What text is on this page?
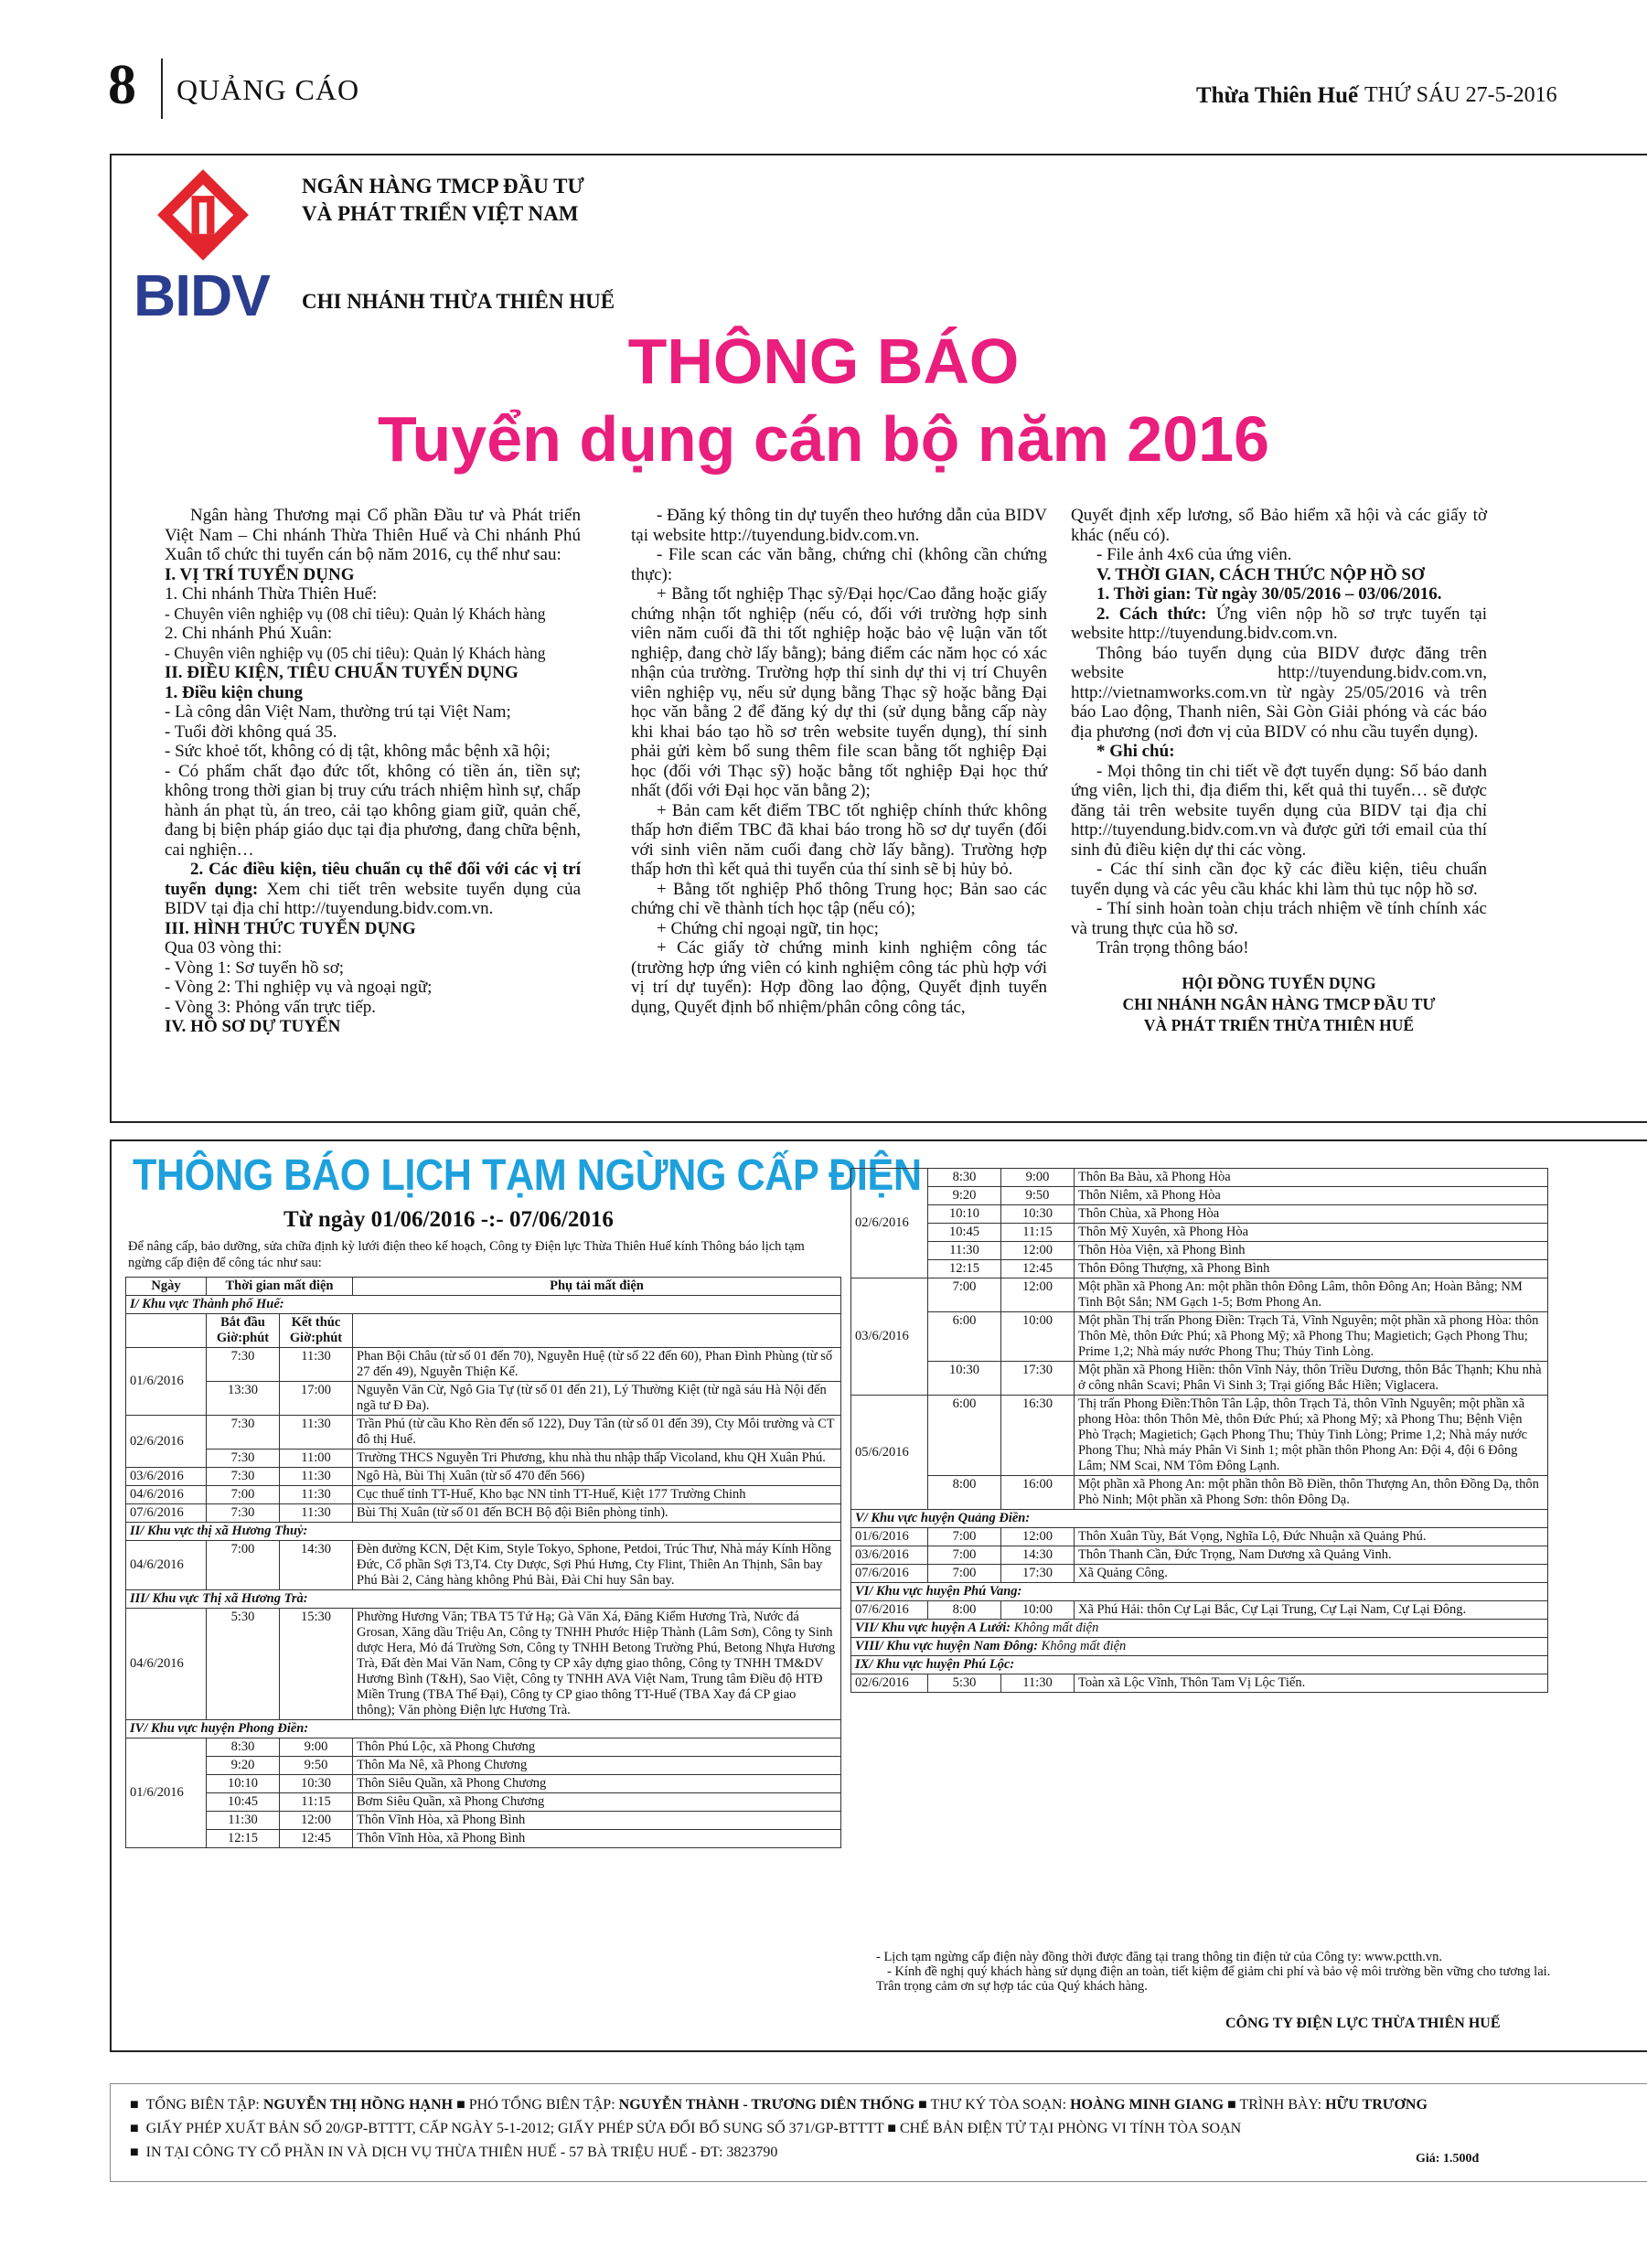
8 QUẢNG CÁO	Thừa Thiên Huế THỨ SÁU 27-5-2016
BIDV
NGÂN HÀNG TMCP ĐẦU TƯ
VÀ PHÁT TRIỂN VIỆT NAM
CHI NHÁNH THỪA THIÊN HUẾ
THÔNG BÁO
Tuyển dụng cán bộ năm 2016

Ngân hàng Thương mại Cổ phần Đầu tư và Phát triển Việt Nam – Chi nhánh Thừa Thiên Huế và Chi nhánh Phú Xuân tổ chức thi tuyển cán bộ năm 2016, cụ thể như sau:

I. VỊ TRÍ TUYỂN DỤNG

1. Chi nhánh Thừa Thiên Huế:

- Chuyên viên nghiệp vụ (08 chỉ tiêu): Quản lý Khách hàng

2. Chi nhánh Phú Xuân:

- Chuyên viên nghiệp vụ (05 chỉ tiêu): Quản lý Khách hàng

II. ĐIỀU KIỆN, TIÊU CHUẨN TUYỂN DỤNG

1. Điều kiện chung

- Là công dân Việt Nam, thường trú tại Việt Nam;

- Tuổi đời không quá 35.

- Sức khoẻ tốt, không có dị tật, không mắc bệnh xã hội;

- Có phẩm chất đạo đức tốt, không có tiền án, tiền sự; không trong thời gian bị truy cứu trách nhiệm hình sự, chấp hành án phạt tù, án treo, cải tạo không giam giữ, quản chế, đang bị biện pháp giáo dục tại địa phương, đang chữa bệnh, cai nghiện…

2. Các điều kiện, tiêu chuẩn cụ thể đối với các vị trí tuyển dụng: Xem chi tiết trên website tuyển dụng của BIDV tại địa chỉ http://tuyendung.bidv.com.vn.

III. HÌNH THỨC TUYỂN DỤNG

Qua 03 vòng thi:

- Vòng 1: Sơ tuyển hồ sơ;

- Vòng 2: Thi nghiệp vụ và ngoại ngữ;

- Vòng 3: Phỏng vấn trực tiếp.

IV. HỒ SƠ DỰ TUYỂN

- Đăng ký thông tin dự tuyển theo hướng dẫn của BIDV tại website http://tuyendung.bidv.com.vn.

- File scan các văn bằng, chứng chỉ (không cần chứng thực):

+ Bằng tốt nghiệp Thạc sỹ/Đại học/Cao đẳng hoặc giấy chứng nhận tốt nghiệp (nếu có, đối với trường hợp sinh viên năm cuối đã thi tốt nghiệp hoặc bảo vệ luận văn tốt nghiệp, đang chờ lấy bằng); bảng điểm các năm học có xác nhận của trường. Trường hợp thí sinh dự thi vị trí Chuyên viên nghiệp vụ, nếu sử dụng bằng Thạc sỹ hoặc bằng Đại học văn bằng 2 để đăng ký dự thi (sử dụng bằng cấp này khi khai báo tạo hồ sơ trên website tuyển dụng), thí sinh phải gửi kèm bổ sung thêm file scan bằng tốt nghiệp Đại học (đối với Thạc sỹ) hoặc bằng tốt nghiệp Đại học thứ nhất (đối với Đại học văn bằng 2);

+ Bản cam kết điểm TBC tốt nghiệp chính thức không thấp hơn điểm TBC đã khai báo trong hồ sơ dự tuyển (đối với sinh viên năm cuối đang chờ lấy bằng). Trường hợp thấp hơn thì kết quả thi tuyển của thí sinh sẽ bị hủy bỏ.

+ Bằng tốt nghiệp Phổ thông Trung học; Bản sao các chứng chỉ về thành tích học tập (nếu có);

+ Chứng chỉ ngoại ngữ, tin học;

+ Các giấy tờ chứng minh kinh nghiệm công tác (trường hợp ứng viên có kinh nghiệm công tác phù hợp với vị trí dự tuyển): Hợp đồng lao động, Quyết định tuyển dụng, Quyết định bổ nhiệm/phân công công tác,

Quyết định xếp lương, sổ Bảo hiểm xã hội và các giấy tờ khác (nếu có).

- File ảnh 4x6 của ứng viên.

V. THỜI GIAN, CÁCH THỨC NỘP HỒ SƠ

1. Thời gian: Từ ngày 30/05/2016 – 03/06/2016.

2. Cách thức: Ứng viên nộp hồ sơ trực tuyến tại website http://tuyendung.bidv.com.vn.

Thông báo tuyển dụng của BIDV được đăng trên website http://tuyendung.bidv.com.vn, http://vietnamworks.com.vn từ ngày 25/05/2016 và trên báo Lao động, Thanh niên, Sài Gòn Giải phóng và các báo địa phương (nơi đơn vị của BIDV có nhu cầu tuyển dụng).

* Ghi chú:

- Mọi thông tin chi tiết về đợt tuyển dụng: Số báo danh ứng viên, lịch thi, địa điểm thi, kết quả thi tuyển… sẽ được đăng tải trên website tuyển dụng của BIDV tại địa chỉ http://tuyendung.bidv.com.vn và được gửi tới email của thí sinh đủ điều kiện dự thi các vòng.

- Các thí sinh cần đọc kỹ các điều kiện, tiêu chuẩn tuyển dụng và các yêu cầu khác khi làm thủ tục nộp hồ sơ.

- Thí sinh hoàn toàn chịu trách nhiệm về tính chính xác và trung thực của hồ sơ.

Trân trọng thông báo!

HỘI ĐỒNG TUYỂN DỤNG
CHI NHÁNH NGÂN HÀNG TMCP ĐẦU TƯ
VÀ PHÁT TRIỂN THỪA THIÊN HUẾ
THÔNG BÁO LỊCH TẠM NGỪNG CẤP ĐIỆN
Từ ngày 01/06/2016 -:- 07/06/2016
Để nâng cấp, bảo dưỡng, sửa chữa định kỳ lưới điện theo kế hoạch, Công ty Điện lực Thừa Thiên Huế kính Thông báo lịch tạm ngừng cấp điện để công tác như sau:
Ngày	Thời gian mất điện		Phụ tải mất điện
I/ Khu vực Thành phố Huế:			
	Bắt đầu Giờ:phút	Kết thúc Giờ:phút	
01/6/2016	7:30	11:30	Phan Bội Châu (từ số 01 đến 70), Nguyễn Huệ (từ số 22 đến 60), Phan Đình Phùng (từ số 27 đến 49), Nguyễn Thiện Kế.
	13:30	17:00	Nguyễn Văn Cừ, Ngô Gia Tự (từ số 01 đến 21), Lý Thường Kiệt (từ ngã sáu Hà Nội đến ngã tư Đ Đa).
02/6/2016	7:30	11:30	Trần Phú (từ cầu Kho Rèn đến số 122), Duy Tân (từ số 01 đến 39), Cty Môi trường và CT đô thị Huế.
	7:30	11:00	Trường THCS Nguyễn Tri Phương, khu nhà thu nhập thấp Vicoland, khu QH Xuân Phú.
03/6/2016	7:30	11:30	Ngô Hà, Bùi Thị Xuân (từ số 470 đến 566)
04/6/2016	7:00	11:30	Cục thuế tỉnh TT-Huế, Kho bạc NN tỉnh TT-Huế, Kiệt 177 Trường Chinh
07/6/2016	7:30	11:30	Bùi Thị Xuân (từ số 01 đến BCH Bộ đội Biên phòng tỉnh).
II/ Khu vực thị xã Hương Thuỷ:			
04/6/2016	7:00	14:30	Đèn đường KCN, Dệt Kim, Style Tokyo, Sphone, Petdoi, Trúc Thư, Nhà máy Kính Hồng Đức, Cổ phần Sợi T3,T4. Cty Dược, Sợi Phú Hưng, Cty Flint, Thiên An Thịnh, Sân bay Phú Bài 2, Cảng hàng không Phú Bài, Đài Chỉ huy Sân bay.
III/ Khu vực Thị xã Hương Trà:			
04/6/2016	5:30	15:30	Phường Hương Văn; TBA T5 Tứ Hạ; Gà Văn Xá, Đăng Kiểm Hương Trà, Nước đá Grosan, Xăng dầu Triệu An, Công ty TNHH Phước Hiệp Thành (Lâm Sơn), Công ty Sinh dược Hera, Mỏ đá Trường Sơn, Công ty TNHH Betong Trường Phú, Betong Nhựa Hương Trà, Đất đèn Mai Văn Nam, Công ty CP xây dựng giao thông, Công ty TNHH TM&DV Hương Bình (T&H), Sao Việt, Công ty TNHH AVA Việt Nam, Trung tâm Điều độ HTĐ Miền Trung (TBA Thế Đại), Công ty CP giao thông TT-Huế (TBA Xay đá CP giao thông); Văn phòng Điện lực Hương Trà.
IV/ Khu vực huyện Phong Điền:			
01/6/2016	8:30	9:00	Thôn Phú Lộc, xã Phong Chương
	9:20	9:50	Thôn Ma Nê, xã Phong Chương
	10:10	10:30	Thôn Siêu Quần, xã Phong Chương
	10:45	11:15	Bơm Siêu Quần, xã Phong Chương
	11:30	12:00	Thôn Vĩnh Hòa, xã Phong Bình
	12:15	12:45	Thôn Vĩnh Hòa, xã Phong Bình
02/6/2016	8:30	9:00	Thôn Ba Bàu, xã Phong Hòa
	9:20	9:50	Thôn Niêm, xã Phong Hòa
	10:10	10:30	Thôn Chùa, xã Phong Hòa
	10:45	11:15	Thôn Mỹ Xuyên, xã Phong Hòa
	11:30	12:00	Thôn Hòa Viện, xã Phong Bình
	12:15	12:45	Thôn Đông Thượng, xã Phong Bình
03/6/2016	7:00	12:00	Một phần xã Phong An: một phần thôn Đông Lâm, thôn Đông An; Hoàn Bằng; NM Tinh Bột Sắn; NM Gạch 1-5; Bơm Phong An.
	6:00	10:00	Một phần Thị trấn Phong Điền: Trạch Tả, Vĩnh Nguyên; một phần xã phong Hòa: thôn Thôn Mè, thôn Đức Phú; xã Phong Mỹ; xã Phong Thu; Magietich; Gạch Phong Thu; Prime 1,2; Nhà máy nước Phong Thu; Thủy Tinh Lòng.
	10:30	17:30	Một phần xã Phong Hiền: thôn Vĩnh Nảy, thôn Triều Dương, thôn Bắc Thạnh; Khu nhà ở công nhân Scavi; Phân Vi Sinh 3; Trại giống Bắc Hiền; Viglacera.
05/6/2016	6:00	16:30	Thị trấn Phong Điền:Thôn Tân Lập, thôn Trạch Tả, thôn Vĩnh Nguyên; một phần xã phong Hòa: thôn Thôn Mè, thôn Đức Phú; xã Phong Mỹ; xã Phong Thu; Bệnh Viện Phò Trạch; Magietich; Gạch Phong Thu; Thủy Tinh Lòng; Prime 1,2; Nhà máy nước Phong Thu; Nhà máy Phân Vi Sinh 1; một phần thôn Phong An: Đội 4, đội 6 Đông Lâm; NM Scai, NM Tôm Đông Lạnh.
	8:00	16:00	Một phần xã Phong An: một phần thôn Bồ Điền, thôn Thượng An, thôn Đồng Dạ, thôn Phò Ninh; Một phần xã Phong Sơn: thôn Đông Dạ.
V/ Khu vực huyện Quảng Điền:			
01/6/2016	7:00	12:00	Thôn Xuân Tùy, Bát Vọng, Nghĩa Lộ, Đức Nhuận xã Quảng Phú.
03/6/2016	7:00	14:30	Thôn Thanh Cần, Đức Trọng, Nam Dương xã Quảng Vinh.
07/6/2016	7:00	17:30	Xã Quảng Công.
VI/ Khu vực huyện Phú Vang:			
07/6/2016	8:00	10:00	Xã Phú Hải: thôn Cự Lại Bắc, Cự Lại Trung, Cự Lại Nam, Cự Lại Đông.
VII/ Khu vực huyện A Lưới: Không mất điện			
VIII/ Khu vực huyện Nam Đông: Không mất điện			
IX/ Khu vực huyện Phú Lộc:			
02/6/2016	5:30	11:30	Toàn xã Lộc Vĩnh, Thôn Tam Vị Lộc Tiến.
- Lịch tạm ngừng cấp điện này đồng thời được đăng tại trang thông tin điện tử của Công ty: www.pctth.vn.
- Kính đề nghị quý khách hàng sử dụng điện an toàn, tiết kiệm để giảm chi phí và bảo vệ môi trường bền vững cho tương lai.
Trân trọng cảm ơn sự hợp tác của Quý khách hàng.
CÔNG TY ĐIỆN LỰC THỪA THIÊN HUẾ
■  TỔNG BIÊN TẬP: NGUYỄN THỊ HỒNG HẠNH ■ PHÓ TỔNG BIÊN TẬP: NGUYỄN THÀNH - TRƯƠNG DIÊN THỐNG ■ THƯ KÝ TÒA SOẠN: HOÀNG MINH GIANG ■ TRÌNH BÀY: HỮU TRƯƠNG
■  GIẤY PHÉP XUẤT BẢN SỐ 20/GP-BTTTT, CẤP NGÀY 5-1-2012; GIẤY PHÉP SỬA ĐỔI BỔ SUNG SỐ 371/GP-BTTTT ■ CHẾ BẢN ĐIỆN TỬ TẠI PHÒNG VI TÍNH TÒA SOẠN
■  IN TẠI CÔNG TY CỔ PHẦN IN VÀ DỊCH VỤ THỪA THIÊN HUẾ - 57 BÀ TRIỆU HUẾ - ĐT: 3823790	Giá: 1.500đ
